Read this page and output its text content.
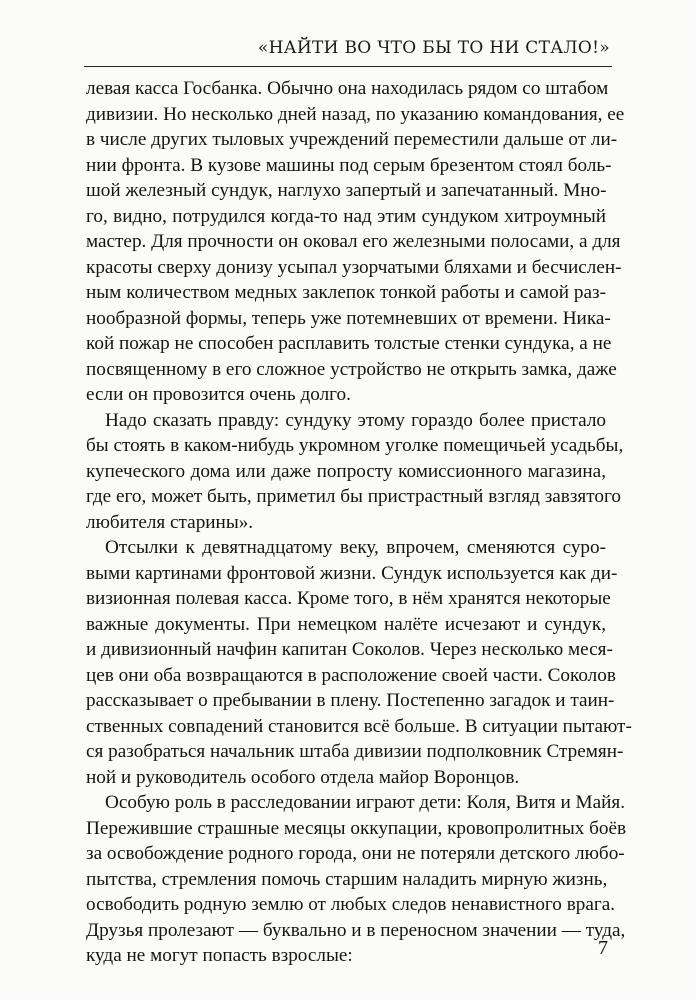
«НАЙТИ ВО ЧТО БЫ ТО НИ СТАЛО!»
левая касса Госбанка. Обычно она находилась рядом со штабом
дивизии. Но несколько дней назад, по указанию командования, ее
в числе других тыловых учреждений переместили дальше от ли-
нии фронта. В кузове машины под серым брезентом стоял боль-
шой железный сундук, наглухо запертый и запечатанный. Мно-
го, видно, потрудился когда-то над этим сундуком хитроумный
мастер. Для прочности он оковал его железными полосами, а для
красоты сверху донизу усыпал узорчатыми бляхами и бесчислен-
ным количеством медных заклепок тонкой работы и самой раз-
нообразной формы, теперь уже потемневших от времени. Ника-
кой пожар не способен расплавить толстые стенки сундука, а не
посвященному в его сложное устройство не открыть замка, даже
если он провозится очень долго.
Надо сказать правду: сундуку этому гораздо более пристало
бы стоять в каком-нибудь укромном уголке помещичьей усадьбы,
купеческого дома или даже попросту комиссионного магазина,
где его, может быть, приметил бы пристрастный взгляд завзятого
любителя старины».
Отсылки к девятнадцатому веку, впрочем, сменяются суро-
выми картинами фронтовой жизни. Сундук используется как ди-
визионная полевая касса. Кроме того, в нём хранятся некоторые
важные документы. При немецком налёте исчезают и сундук,
и дивизионный начфин капитан Соколов. Через несколько меся-
цев они оба возвращаются в расположение своей части. Соколов
рассказывает о пребывании в плену. Постепенно загадок и таин-
ственных совпадений становится всё больше. В ситуации пытают-
ся разобраться начальник штаба дивизии подполковник Стремян-
ной и руководитель особого отдела майор Воронцов.
Особую роль в расследовании играют дети: Коля, Витя и Майя.
Пережившие страшные месяцы оккупации, кровопролитных боёв
за освобождение родного города, они не потеряли детского любо-
пытства, стремления помочь старшим наладить мирную жизнь,
освободить родную землю от любых следов ненавистного врага.
Друзья пролезают — буквально и в переносном значении — туда,
куда не могут попасть взрослые:	7
